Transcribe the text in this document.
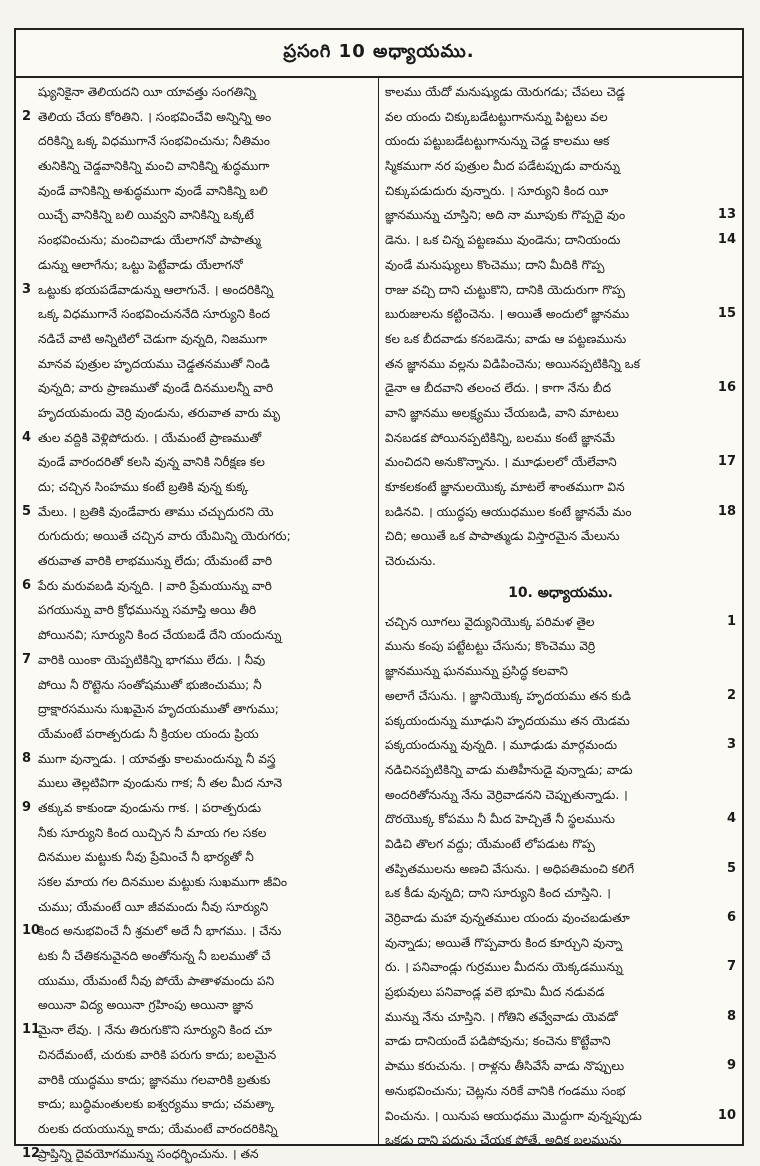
ప్రసంగి 10 అధ్యాయము.
ష్యునికైనా తెలియదని యీ యావత్తు సంగతిన్ని
2 తెలియ చేయ కోరితిని. । సంభవించేవి అన్నిన్ని అం
దరికిన్ని ఒక్క విధముగానే సంభవించును; నీతిమం
తునికిన్ని చెడ్డవానికిన్ని మంచి వానికిన్ని శుద్ధముగా
వుండే వానికిన్ని అశుద్ధముగా వుండే వానికిన్ని బలి
యిచ్చే వానికిన్ని బలి యివ్వని వానికిన్ని ఒక్కటే
సంభవించును; మంచివాడు యేలాగనో పాపాత్ము
డున్ను ఆలాగేను; ఒట్టు పెట్టేవాడు యేలాగనో
3 ఒట్టుకు భయపడేవాడున్ను ఆలాగునే. । అందరికిన్ని
ఒక్క విధముగానే సంభవించుననేది సూర్యుని కింద
నడిచే వాటి అన్నిటిలో చెడుగా వున్నది, నిజముగా
మానవ పుత్రుల హృదయము చెడ్డతనముతో నిండి
వున్నది; వారు ప్రాణముతో వుండే దినములన్నీ వారి
హృదయమందు వెర్రి వుండును, తరువాత వారు మృ
4 తుల వద్దికి వెళ్లిపోదురు. । యేమంటే ప్రాణముతో
వుండే వారందరితో కలసి వున్న వానికి నిరీక్షణ కల
దు; చచ్చిన సింహము కంటే బ్రతికి వున్న కుక్క
5 మేలు. । బ్రతికి వుండేవారు తాము చచ్చుదురని యె
రుగుదురు; అయితే చచ్చిన వారు యేమిన్ని యెరుగరు;
తరువాత వారికి లాభమున్ను లేదు; యేమంటే వారి
6 పేరు మరువబడి వున్నది. । వారి ప్రేమయున్ను వారి
పగయున్ను వారి క్రోధమున్ను సమాప్తి అయి తీరి
పోయినవి; సూర్యుని కింద చేయబడే దేని యందున్ను
7 వారికి యింకా యెప్పటికిన్ని భాగము లేదు. । నీవు
పోయి నీ రొట్టెను సంతోషముతో భుజించుము; నీ
ద్రాక్షారసమును సుఖమైన హృదయముతో తాగుము;
యేమంటే పరాత్పరుడు నీ క్రియల యందు ప్రియ
8 ముగా వున్నాడు. । యావత్తు కాలమందున్ను నీ వస్త్ర
ములు తెల్లటివిగా వుండును గాక; నీ తల మీద నూనె
9 తక్కువ కాకుండా వుండును గాక. । పరాత్పరుడు
నీకు సూర్యుని కింద యిచ్చిన నీ మాయ గల సకల
దినముల మట్టుకు నీవు ప్రేమించే నీ భార్యతో నీ
సకల మాయ గల దినముల మట్టుకు సుఖముగా జీవిం
చుము; యేమంటే యీ జీవమందు నీవు సూర్యుని
10
కింద అనుభవించే నీ శ్రమలో అదే నీ భాగము. । చేను
టకు నీ చేతికనువైనది అంతోనున్న నీ బలముతో చే
యుము, యేమంటే నీవు పోయే పాతాళమందు పని
అయినా విద్య అయినా గ్రహింపు అయినా జ్ఞాన
11
మైనా లేవు. । నేను తిరుగుకొని సూర్యుని కింద చూ
చినదేమంటే, చురుకు వారికి పరుగు కాదు; బలమైన
వారికి యుద్ధము కాదు; జ్ఞానము గలవారికి బ్రతుకు
కాదు; బుద్ధిమంతులకు ఐశ్వర్యము కాదు; చమత్కా
రులకు దయయున్ను కాదు; యేమంటే వారందరికిన్ని
12
ప్రాప్తిన్ని దైవయోగమున్ను సంధర్భించును. । తన
కాలము యేదో మనుష్యుడు యెరుగడు; చేపలు చెడ్డ
వల యందు చిక్కుబడేటట్టుగానున్ను పిట్టలు వల
యందు పట్టుబడేటట్టుగానున్ను చెడ్డ కాలము ఆక
స్మికముగా నర పుత్రుల మీద పడేటప్పుడు వారున్ను
చిక్కుపడుదురు వున్నారు. । సూర్యుని కింద యీ
13
జ్ఞానమున్ను చూస్తిని; అది నా మూపుకు గొప్పదై వుం
14
డెను. । ఒక చిన్న పట్టణము వుండెను; దానియందు
వుండే మనుష్యులు కొంచెము; దాని మీదికి గొప్ప
రాజు వచ్చి దాని చుట్టుకొని, దానికి యెదురుగా గొప్ప
15
బురుజులను కట్టించెను. । అయితే అందులో జ్ఞానము
కల ఒక బీదవాడు కనబడెను; వాడు ఆ పట్టణమును
తన జ్ఞానము వల్లను విడిపించెను; అయినప్పటికిన్ని ఒక
16
డైనా ఆ బీదవాని తలంచ లేదు. । కాగా నేను బీద
వాని జ్ఞానము అలక్ష్యము చేయబడి, వాని మాటలు
వినబడక పోయినప్పటికిన్ని, బలము కంటే జ్ఞానమే
17
మంచిదని అనుకొన్నాను. । మూఢులలో యేలేవాని
కూకలకంటే జ్ఞానులయొక్క మాటలే శాంతముగా విన
18
బడినవి. । యుద్ధపు ఆయుధముల కంటే జ్ఞానమే మం
చిది; అయితే ఒక పాపాత్ముడు విస్తారమైన మేలును
చెరుచును.
10. అధ్యాయము.
1
చచ్చిన యీగలు వైద్యునియొక్క పరిమళ తైల
మును కంపు పట్టేటట్టు చేసును; కొంచెము వెర్రి
జ్ఞానమున్ను ఘనమున్ను ప్రసిద్ధ కలవాని
2
అలాగే చేసును. । జ్ఞానియొక్క హృదయము తన కుడి
పక్కయందున్ను మూఢుని హృదయము తన యెడమ
3
పక్కయందున్ను వున్నది. । మూఢుడు మార్గమందు
నడిచినప్పటికిన్ని వాడు మతిహీనుడై వున్నాడు; వాడు
అందరితోనున్ను నేను వెర్రివాడనని చెప్పుతున్నాడు. ।
4
దొరయొక్క కోపము నీ మీద హెచ్చితే నీ స్థలమును
విడిచి తొలగ వద్దు; యేమంటే లోపడుట గొప్ప
5
తప్పితములను అణచి వేసును. । అధిపతిమంచి కలిగే
ఒక కీడు వున్నది; దాని సూర్యుని కింద చూస్తిని. ।
6
వెర్రివాడు మహా వున్నతముల యందు వుంచబడుతూ
వున్నాడు; అయితే గొప్పవారు కింద కూర్చుని వున్నా
7
రు. । పనివాండ్లు గుర్రముల మీదను యెక్కడమున్ను
ప్రభువులు పనివాండ్ల వలె భూమి మీద నడువడ
8
మున్ను నేను చూస్తిని. । గోతిని తవ్వేవాడు యెవడో
వాడు దానియందే పడిపోవును; కంచెను కొట్టేవాని
9
పాము కరుచును. । రాళ్లను తీసివేసే వాడు నొప్పులు
అనుభవించును; చెట్లను నరికే వానికి గండము సంభ
10
వించును. । యినుప ఆయుధము మొద్దుగా వున్నప్పుడు
ఒకడు దాని పదును చేయక పోతే, అధిక బలమును
